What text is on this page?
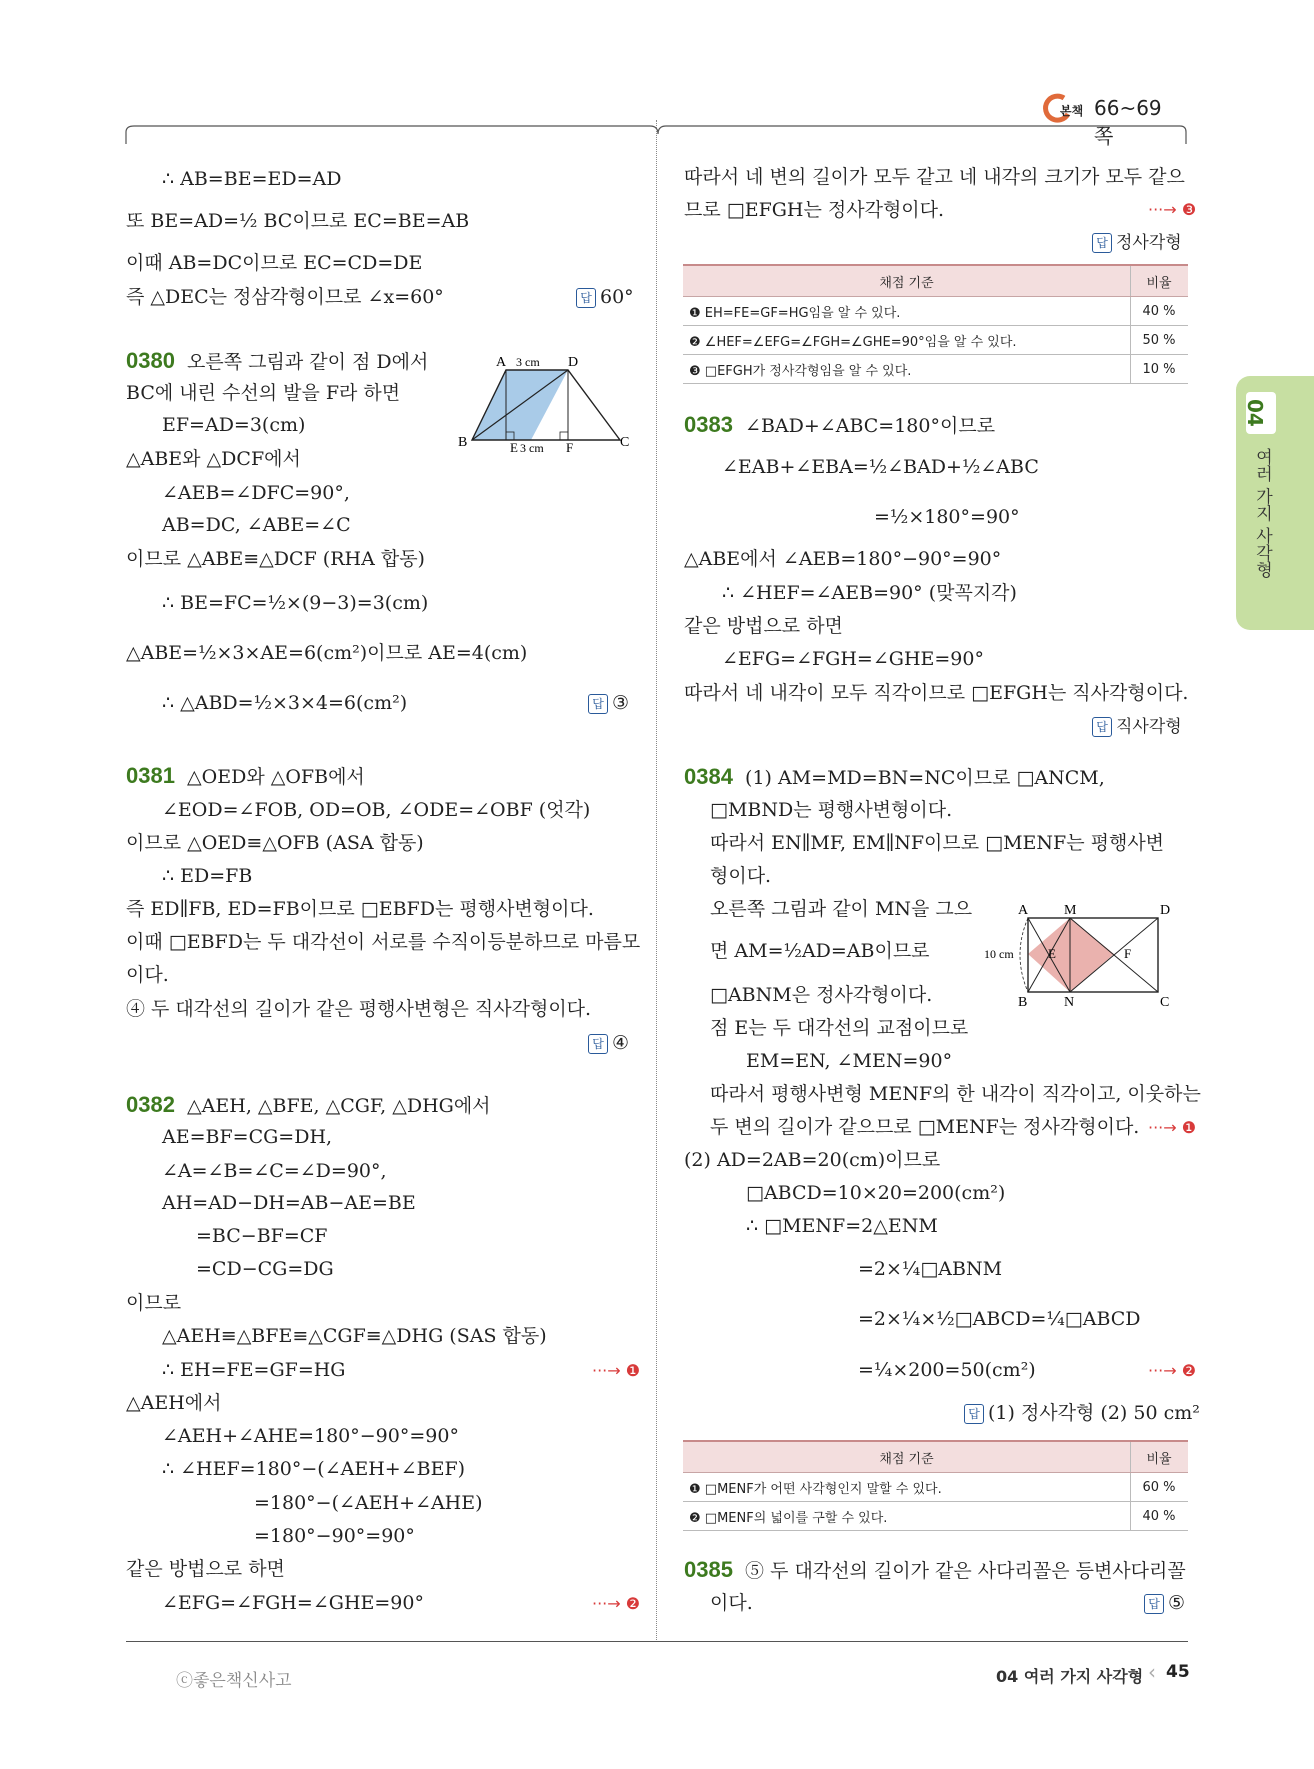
본책 66~69쪽
04
여러 가지 사각형
∴ AB=BE=ED=AD
또 BE=AD=½ BC이므로 EC=BE=AB
이때 AB=DC이므로 EC=CD=DE
즉 △DEC는 정삼각형이므로 ∠x=60°	답 60°
0380 오른쪽 그림과 같이 점 D에서
BC에 내린 수선의 발을 F라 하면
EF=AD=3(cm)
△ABE와 △DCF에서
∠AEB=∠DFC=90°,
AB=DC, ∠ABE=∠C
이므로 △ABE≡△DCF (RHA 합동)
∴ BE=FC=½×(9−3)=3(cm)
△ABE=½×3×AE=6(cm²)이므로 AE=4(cm)
∴ △ABD=½×3×4=6(cm²)	답 ③
A	D
B	C
E	F
3 cm
3 cm
0381 △OED와 △OFB에서
∠EOD=∠FOB, OD=OB, ∠ODE=∠OBF (엇각)
이므로 △OED≡△OFB (ASA 합동)
∴ ED=FB
즉 ED∥FB, ED=FB이므로 □EBFD는 평행사변형이다.
이때 □EBFD는 두 대각선이 서로를 수직이등분하므로 마름모
이다.
④ 두 대각선의 길이가 같은 평행사변형은 직사각형이다.
답 ④
0382 △AEH, △BFE, △CGF, △DHG에서
AE=BF=CG=DH,
∠A=∠B=∠C=∠D=90°,
AH=AD−DH=AB−AE=BE
=BC−BF=CF
=CD−CG=DG
이므로
△AEH≡△BFE≡△CGF≡△DHG (SAS 합동)
∴ EH=FE=GF=HG	···→ ❶
△AEH에서
∠AEH+∠AHE=180°−90°=90°
∴ ∠HEF=180°−(∠AEH+∠BEF)
=180°−(∠AEH+∠AHE)
=180°−90°=90°
같은 방법으로 하면
∠EFG=∠FGH=∠GHE=90°	···→ ❷
따라서 네 변의 길이가 모두 같고 네 내각의 크기가 모두 같으
므로 □EFGH는 정사각형이다.	···→ ❸
답 정사각형
채점 기준	비율
❶ EH=FE=GF=HG임을 알 수 있다.	40 %
❷ ∠HEF=∠EFG=∠FGH=∠GHE=90°임을 알 수 있다.	50 %
❸ □EFGH가 정사각형임을 알 수 있다.	10 %
0383 ∠BAD+∠ABC=180°이므로
∠EAB+∠EBA=½∠BAD+½∠ABC
=½×180°=90°
△ABE에서 ∠AEB=180°−90°=90°
∴ ∠HEF=∠AEB=90° (맞꼭지각)
같은 방법으로 하면
∠EFG=∠FGH=∠GHE=90°
따라서 네 내각이 모두 직각이므로 □EFGH는 직사각형이다.
답 직사각형
0384 (1) AM=MD=BN=NC이므로 □ANCM,
□MBND는 평행사변형이다.
따라서 EN∥MF, EM∥NF이므로 □MENF는 평행사변
형이다.
오른쪽 그림과 같이 MN을 그으
면 AM=½AD=AB이므로
□ABNM은 정사각형이다.
점 E는 두 대각선의 교점이므로
EM=EN, ∠MEN=90°
따라서 평행사변형 MENF의 한 내각이 직각이고, 이웃하는
두 변의 길이가 같으므로 □MENF는 정사각형이다. ···→ ❶
(2) AD=2AB=20(cm)이므로
□ABCD=10×20=200(cm²)
∴ □MENF=2△ENM
=2×¼□ABNM
=2×¼×½□ABCD=¼□ABCD
=¼×200=50(cm²)	···→ ❷
답 (1) 정사각형 (2) 50 cm²
A	M	D
B	N	C
E	F
10 cm
채점 기준	비율
❶ □MENF가 어떤 사각형인지 말할 수 있다.	60 %
❷ □MENF의 넓이를 구할 수 있다.	40 %
0385 ⑤ 두 대각선의 길이가 같은 사다리꼴은 등변사다리꼴
이다.	답 ⑤
ⓒ좋은책신사고	04 여러 가지 사각형 ‹ 45
